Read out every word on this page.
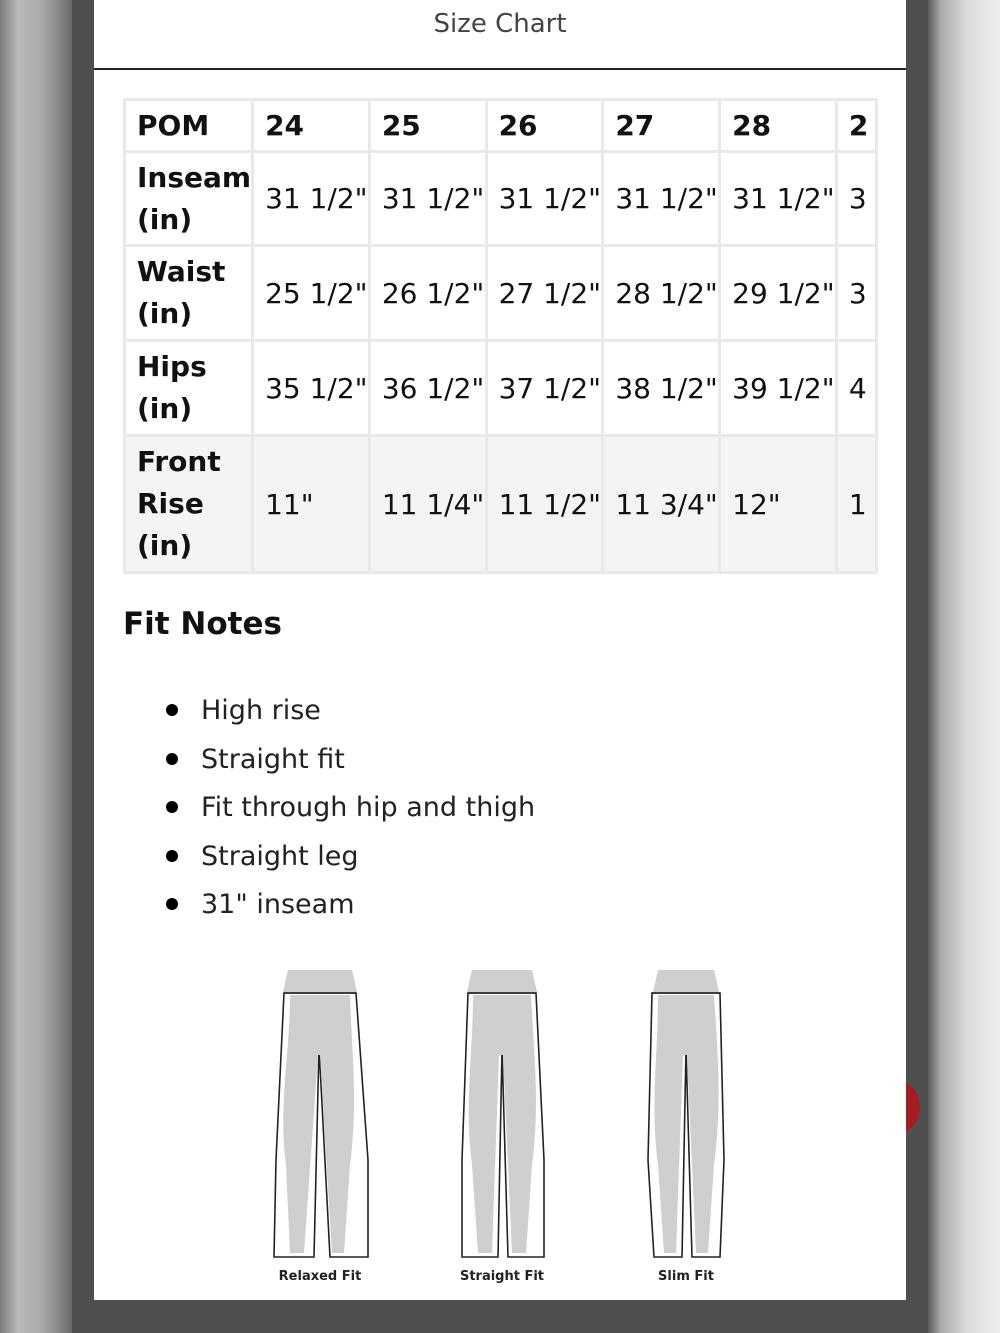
Size Chart
POM	24	25	26	27	28	2
Inseam (in)	31 1/2"	31 1/2"	31 1/2"	31 1/2"	31 1/2"	3
Waist (in)	25 1/2"	26 1/2"	27 1/2"	28 1/2"	29 1/2"	3
Hips (in)	35 1/2"	36 1/2"	37 1/2"	38 1/2"	39 1/2"	4
Front Rise (in)	11"	11 1/4"	11 1/2"	11 3/4"	12"	1
Fit Notes
High rise
Straight fit
Fit through hip and thigh
Straight leg
31" inseam
Relaxed Fit	Straight Fit	Slim Fit
